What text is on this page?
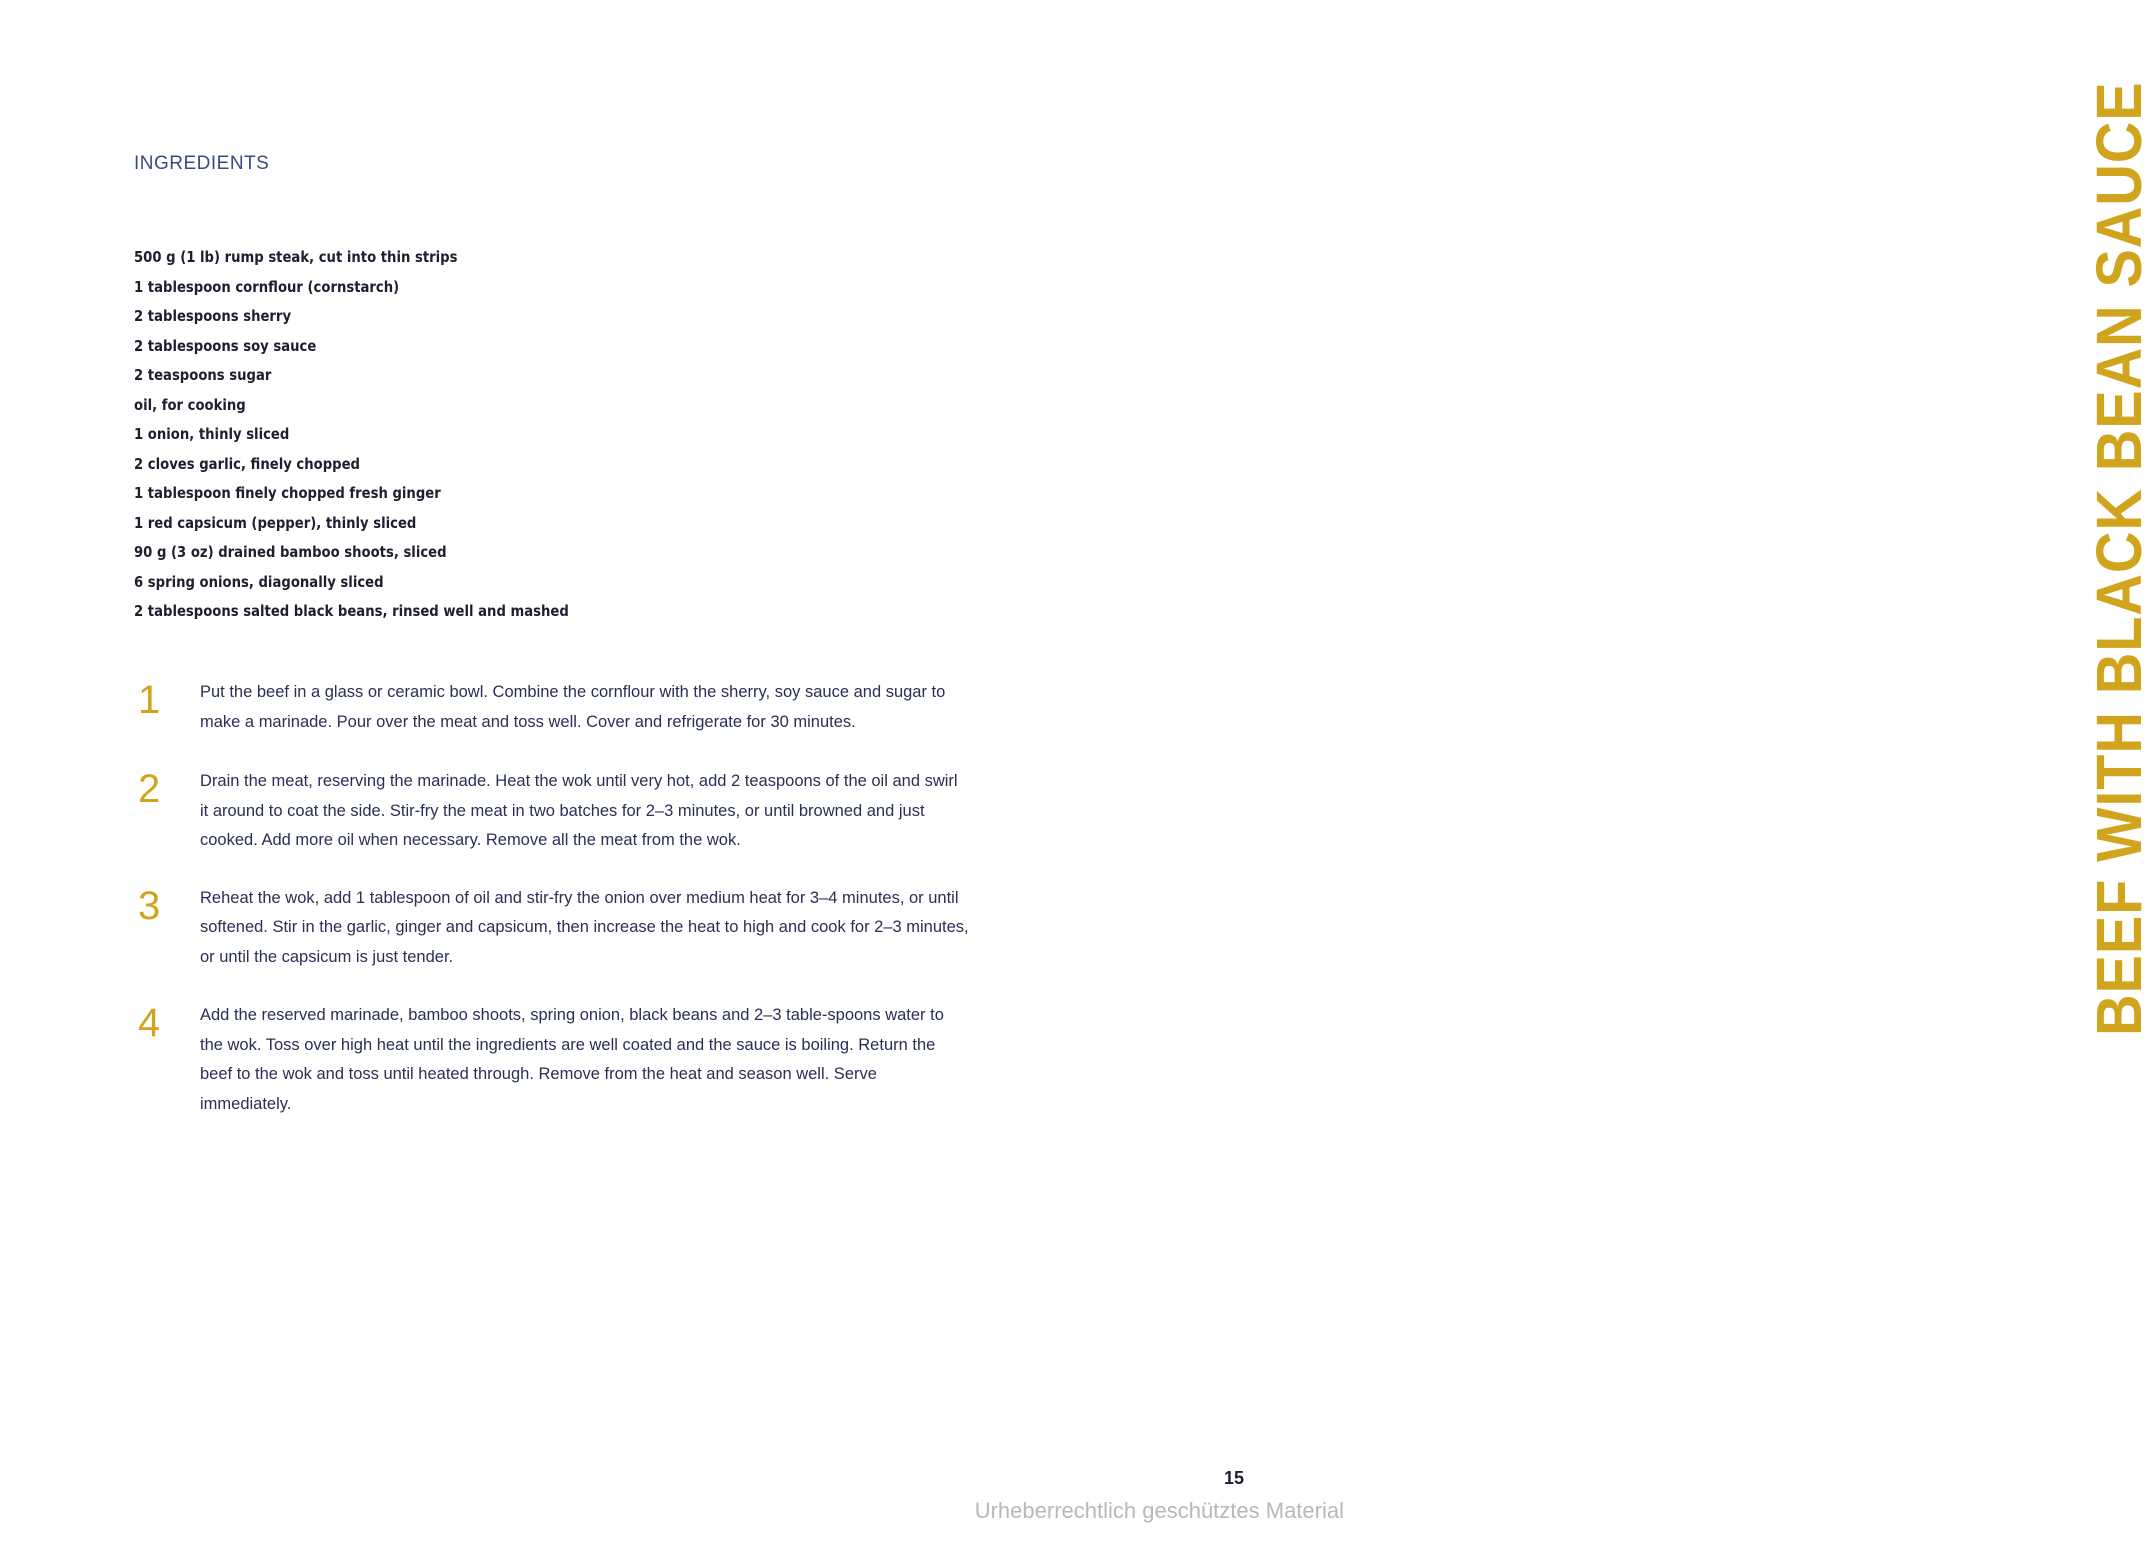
INGREDIENTS
500 g (1 lb) rump steak, cut into thin strips
1 tablespoon cornflour (cornstarch)
2 tablespoons sherry
2 tablespoons soy sauce
2 teaspoons sugar
oil, for cooking
1 onion, thinly sliced
2 cloves garlic, finely chopped
1 tablespoon finely chopped fresh ginger
1 red capsicum (pepper), thinly sliced
90 g (3 oz) drained bamboo shoots, sliced
6 spring onions, diagonally sliced
2 tablespoons salted black beans, rinsed well and mashed
1 Put the beef in a glass or ceramic bowl. Combine the cornflour with the sherry, soy sauce and sugar to make a marinade. Pour over the meat and toss well. Cover and refrigerate for 30 minutes.
2 Drain the meat, reserving the marinade. Heat the wok until very hot, add 2 teaspoons of the oil and swirl it around to coat the side. Stir-fry the meat in two batches for 2–3 minutes, or until browned and just cooked. Add more oil when necessary. Remove all the meat from the wok.
3 Reheat the wok, add 1 tablespoon of oil and stir-fry the onion over medium heat for 3–4 minutes, or until softened. Stir in the garlic, ginger and capsicum, then increase the heat to high and cook for 2–3 minutes, or until the capsicum is just tender.
4 Add the reserved marinade, bamboo shoots, spring onion, black beans and 2–3 table-spoons water to the wok. Toss over high heat until the ingredients are well coated and the sauce is boiling. Return the beef to the wok and toss until heated through. Remove from the heat and season well. Serve immediately.
BEEF WITH BLACK BEAN SAUCE
15
Urheberrechtlich geschütztes Material
